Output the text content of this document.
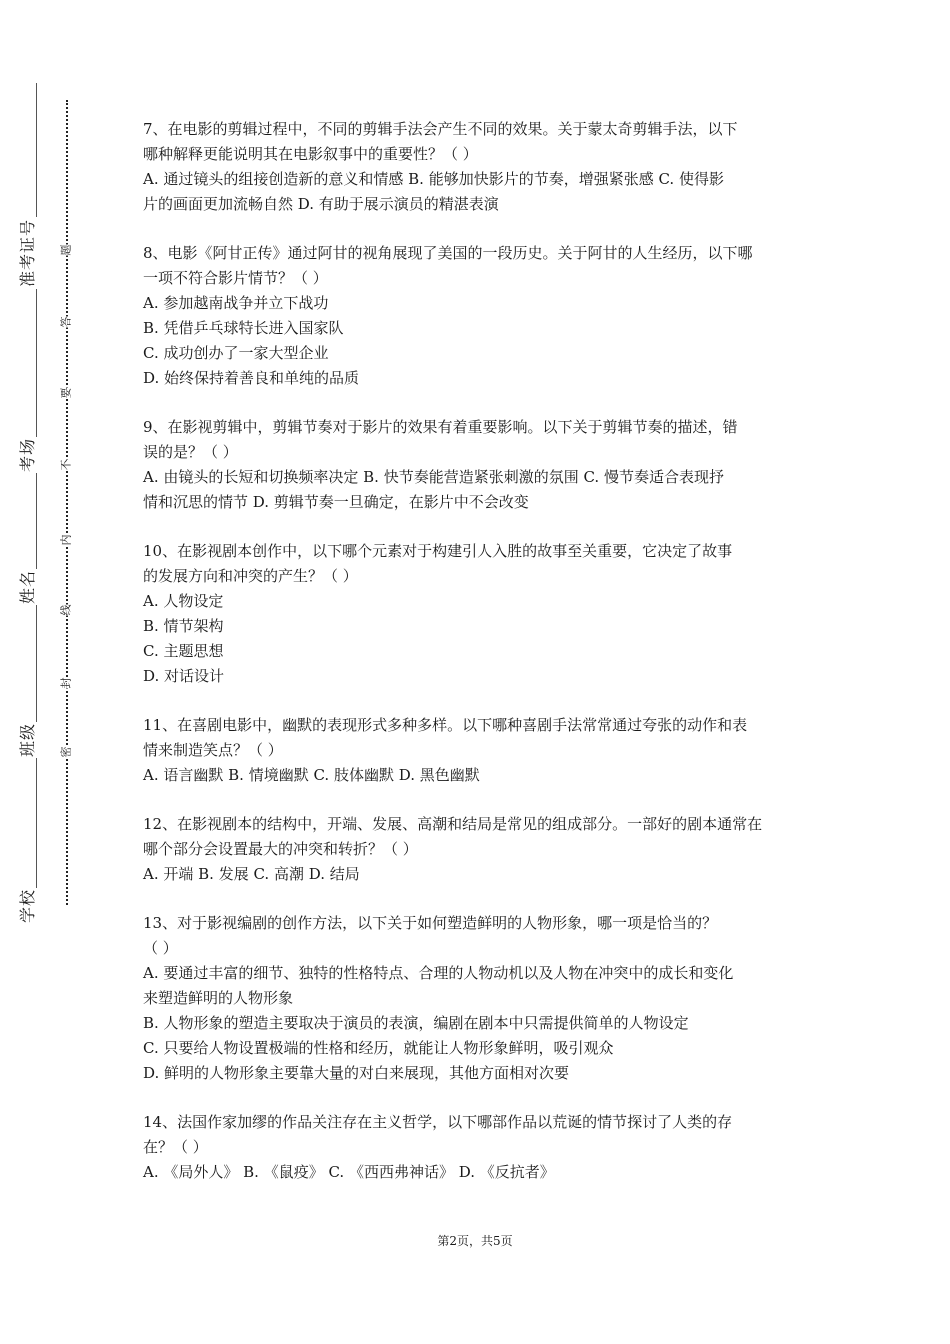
准考证号
考场
姓名
班级
学校
题
答
要
不
内
线
封
密
7、在电影的剪辑过程中，不同的剪辑手法会产生不同的效果。关于蒙太奇剪辑手法，以下
哪种解释更能说明其在电影叙事中的重要性？（ ）
A. 通过镜头的组接创造新的意义和情感 B. 能够加快影片的节奏，增强紧张感 C. 使得影
片的画面更加流畅自然 D. 有助于展示演员的精湛表演
8、电影《阿甘正传》通过阿甘的视角展现了美国的一段历史。关于阿甘的人生经历，以下哪
一项不符合影片情节？（ ）
A. 参加越南战争并立下战功
B. 凭借乒乓球特长进入国家队
C. 成功创办了一家大型企业
D. 始终保持着善良和单纯的品质
9、在影视剪辑中，剪辑节奏对于影片的效果有着重要影响。以下关于剪辑节奏的描述，错
误的是？（ ）
A. 由镜头的长短和切换频率决定 B. 快节奏能营造紧张刺激的氛围 C. 慢节奏适合表现抒
情和沉思的情节 D. 剪辑节奏一旦确定，在影片中不会改变
10、在影视剧本创作中，以下哪个元素对于构建引人入胜的故事至关重要，它决定了故事
的发展方向和冲突的产生？（ ）
A. 人物设定
B. 情节架构
C. 主题思想
D. 对话设计
11、在喜剧电影中，幽默的表现形式多种多样。以下哪种喜剧手法常常通过夸张的动作和表
情来制造笑点？（ ）
A. 语言幽默 B. 情境幽默 C. 肢体幽默 D. 黑色幽默
12、在影视剧本的结构中，开端、发展、高潮和结局是常见的组成部分。一部好的剧本通常在
哪个部分会设置最大的冲突和转折？（ ）
A. 开端 B. 发展 C. 高潮 D. 结局
13、对于影视编剧的创作方法，以下关于如何塑造鲜明的人物形象，哪一项是恰当的？
（ ）
A. 要通过丰富的细节、独特的性格特点、合理的人物动机以及人物在冲突中的成长和变化
来塑造鲜明的人物形象
B. 人物形象的塑造主要取决于演员的表演，编剧在剧本中只需提供简单的人物设定
C. 只要给人物设置极端的性格和经历，就能让人物形象鲜明，吸引观众
D. 鲜明的人物形象主要靠大量的对白来展现，其他方面相对次要
14、法国作家加缪的作品关注存在主义哲学，以下哪部作品以荒诞的情节探讨了人类的存
在？（ ）
A. 《局外人》 B. 《鼠疫》 C. 《西西弗神话》 D. 《反抗者》
第2页，共5页
